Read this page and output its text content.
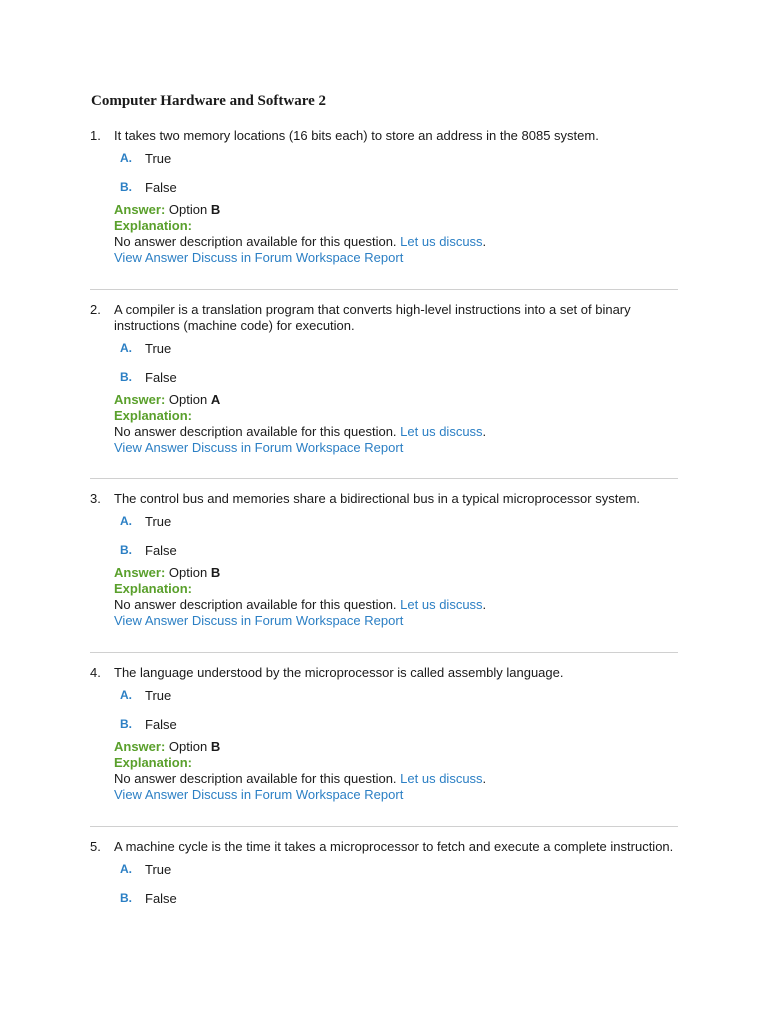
Computer Hardware and Software 2
1.	It takes two memory locations (16 bits each) to store an address in the 8085 system.
A. True
B. False
Answer: Option B
Explanation:
No answer description available for this question. Let us discuss.
View Answer Discuss in Forum Workspace Report
2.	A compiler is a translation program that converts high-level instructions into a set of binary instructions (machine code) for execution.
A. True
B. False
Answer: Option A
Explanation:
No answer description available for this question. Let us discuss.
View Answer Discuss in Forum Workspace Report
3.	The control bus and memories share a bidirectional bus in a typical microprocessor system.
A. True
B. False
Answer: Option B
Explanation:
No answer description available for this question. Let us discuss.
View Answer Discuss in Forum Workspace Report
4.	The language understood by the microprocessor is called assembly language.
A. True
B. False
Answer: Option B
Explanation:
No answer description available for this question. Let us discuss.
View Answer Discuss in Forum Workspace Report
5.	A machine cycle is the time it takes a microprocessor to fetch and execute a complete instruction.
A. True
B. False
